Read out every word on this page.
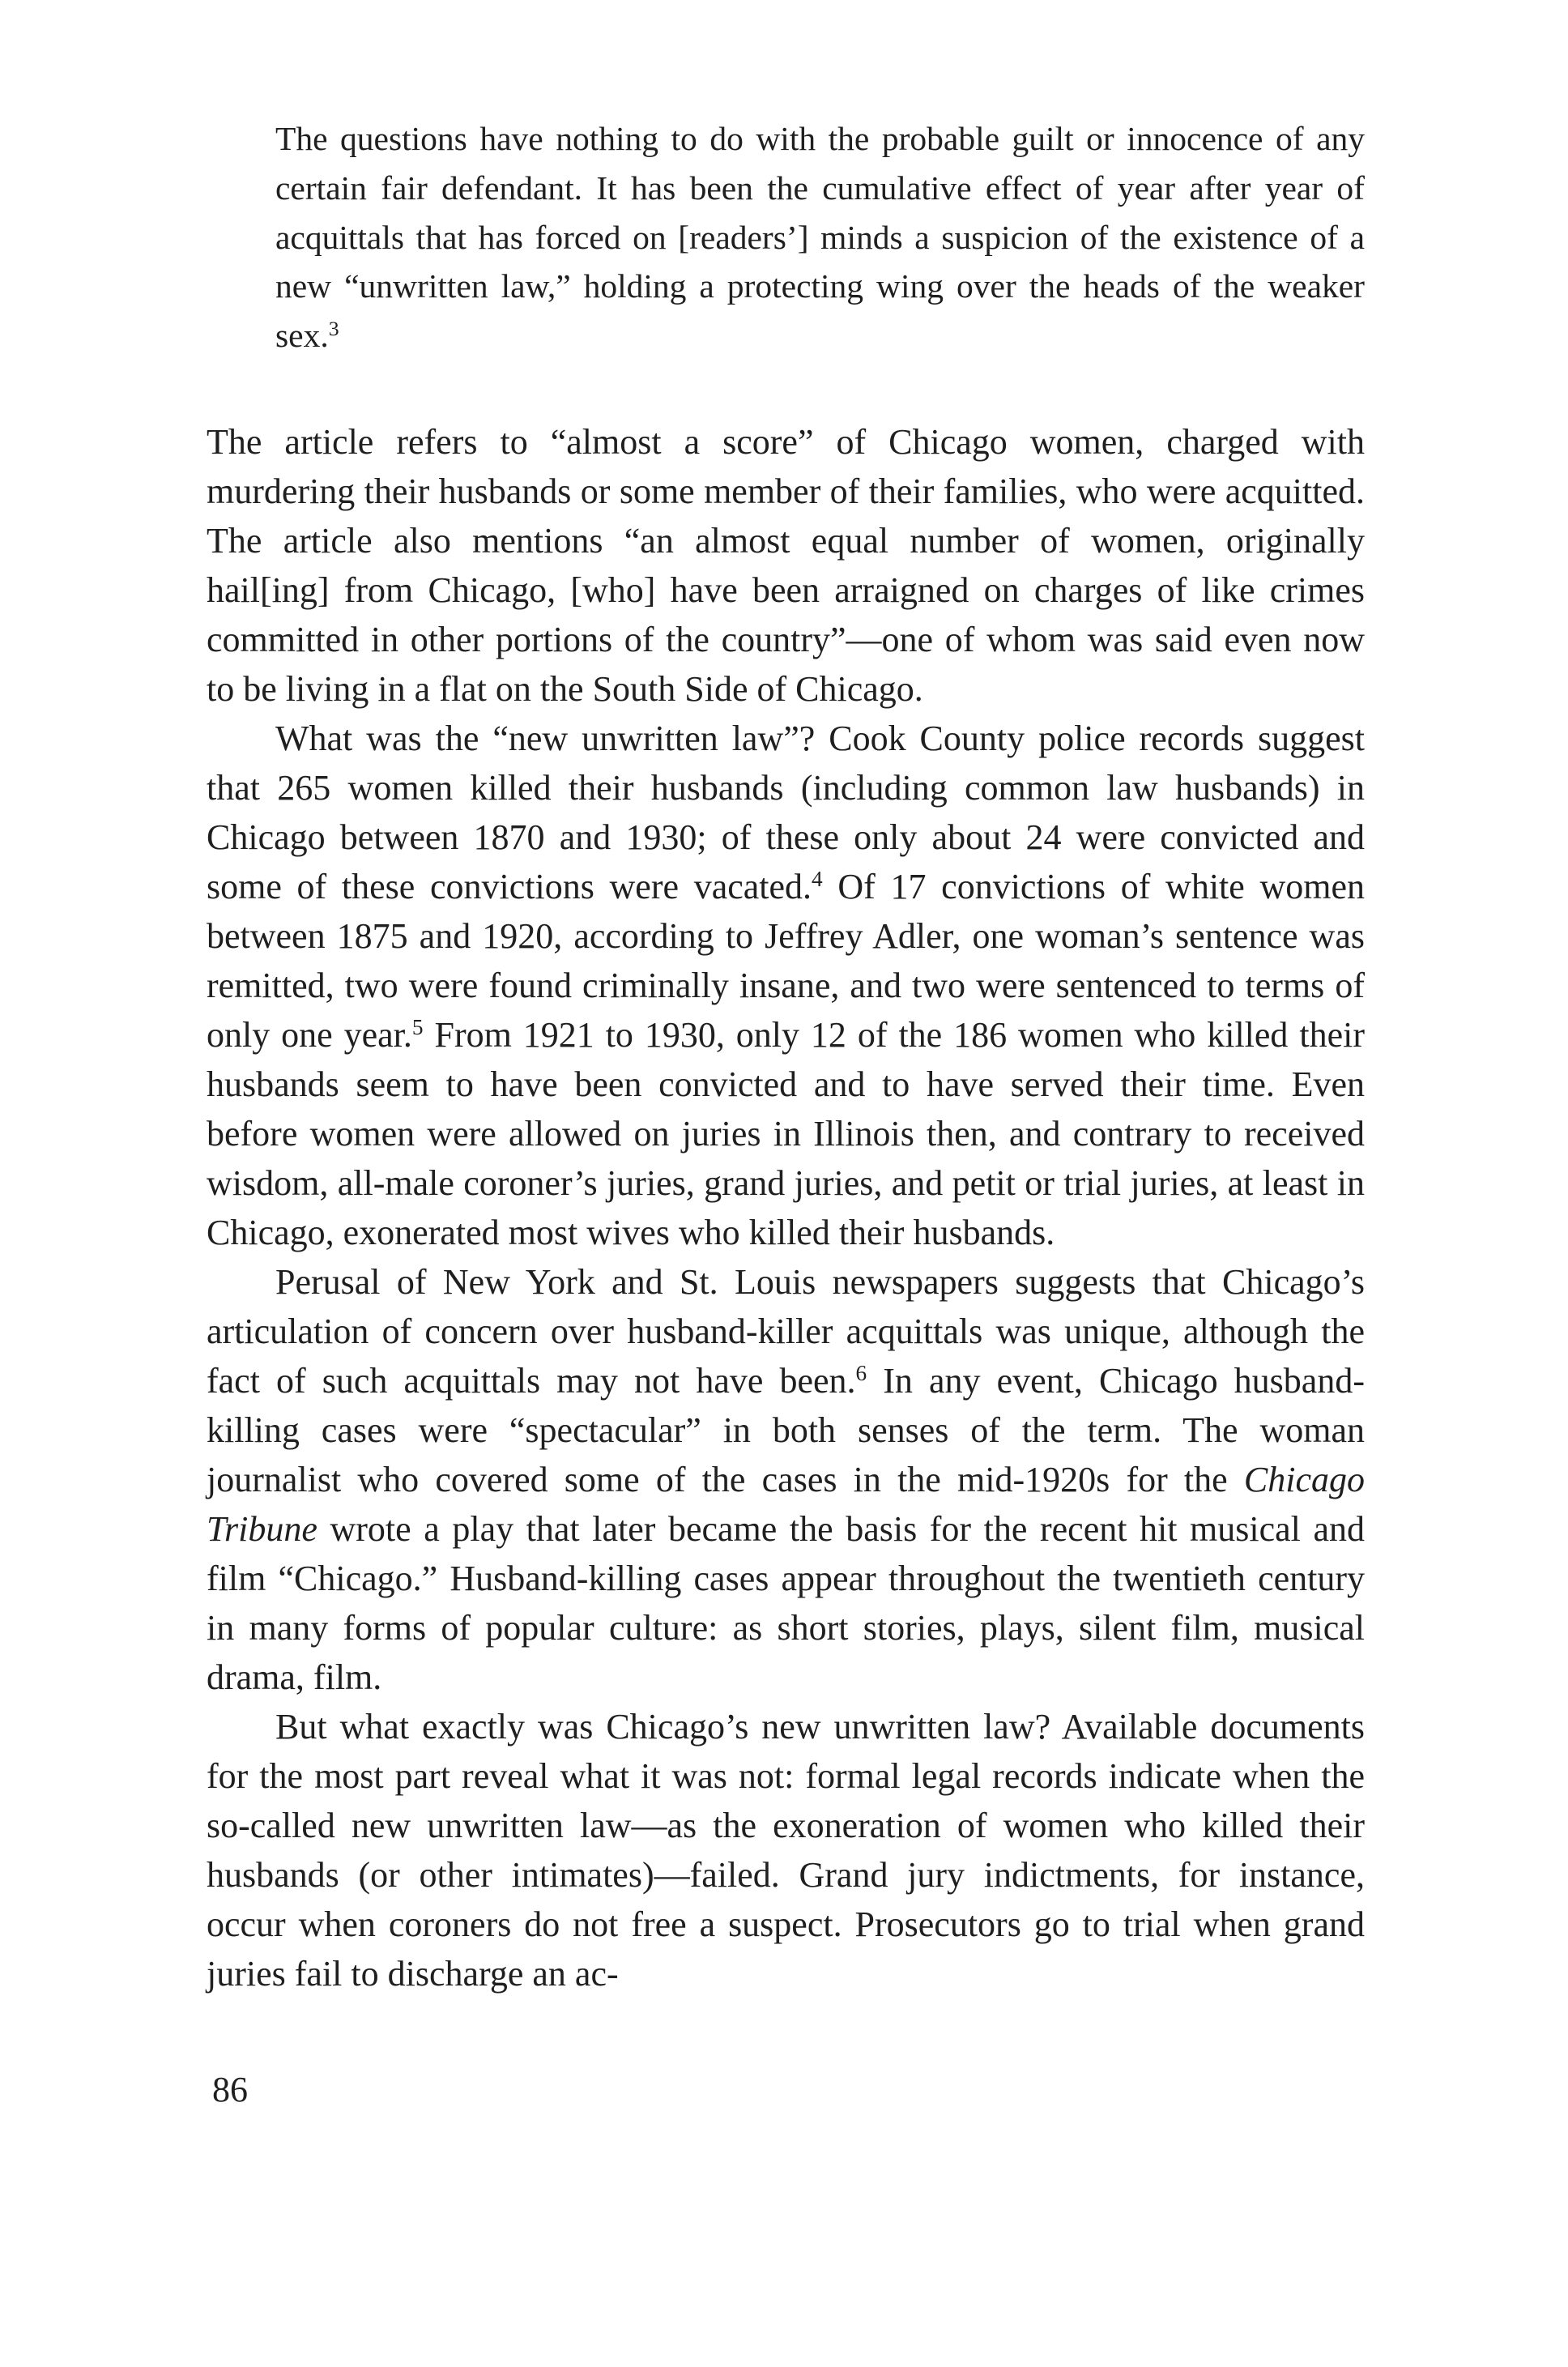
The questions have nothing to do with the probable guilt or innocence of any certain fair defendant. It has been the cumulative effect of year after year of acquittals that has forced on [readers’] minds a suspicion of the existence of a new “unwritten law,” holding a protecting wing over the heads of the weaker sex.$^3$

The article refers to “almost a score” of Chicago women, charged with murdering their husbands or some member of their families, who were acquitted. The article also mentions “an almost equal number of women, originally hail[ing] from Chicago, [who] have been arraigned on charges of like crimes committed in other portions of the country”—one of whom was said even now to be living in a flat on the South Side of Chicago.

What was the “new unwritten law”? Cook County police records suggest that 265 women killed their husbands (including common law husbands) in Chicago between 1870 and 1930; of these only about 24 were convicted and some of these convictions were vacated.$^4$ Of 17 convictions of white women between 1875 and 1920, according to Jeffrey Adler, one woman’s sentence was remitted, two were found criminally insane, and two were sentenced to terms of only one year.$^5$ From 1921 to 1930, only 12 of the 186 women who killed their husbands seem to have been convicted and to have served their time. Even before women were allowed on juries in Illinois then, and contrary to received wisdom, all-male coroner’s juries, grand juries, and petit or trial juries, at least in Chicago, exonerated most wives who killed their husbands.

Perusal of New York and St. Louis newspapers suggests that Chicago’s articulation of concern over husband-killer acquittals was unique, although the fact of such acquittals may not have been.$^6$ In any event, Chicago husband-killing cases were “spectacular” in both senses of the term. The woman journalist who covered some of the cases in the mid-1920s for the Chicago Tribune wrote a play that later became the basis for the recent hit musical and film “Chicago.” Husband-killing cases appear throughout the twentieth century in many forms of popular culture: as short stories, plays, silent film, musical drama, film.

But what exactly was Chicago’s new unwritten law? Available documents for the most part reveal what it was not: formal legal records indicate when the so-called new unwritten law—as the exoneration of women who killed their husbands (or other intimates)—failed. Grand jury indictments, for instance, occur when coroners do not free a suspect. Prosecutors go to trial when grand juries fail to discharge an ac-

86
